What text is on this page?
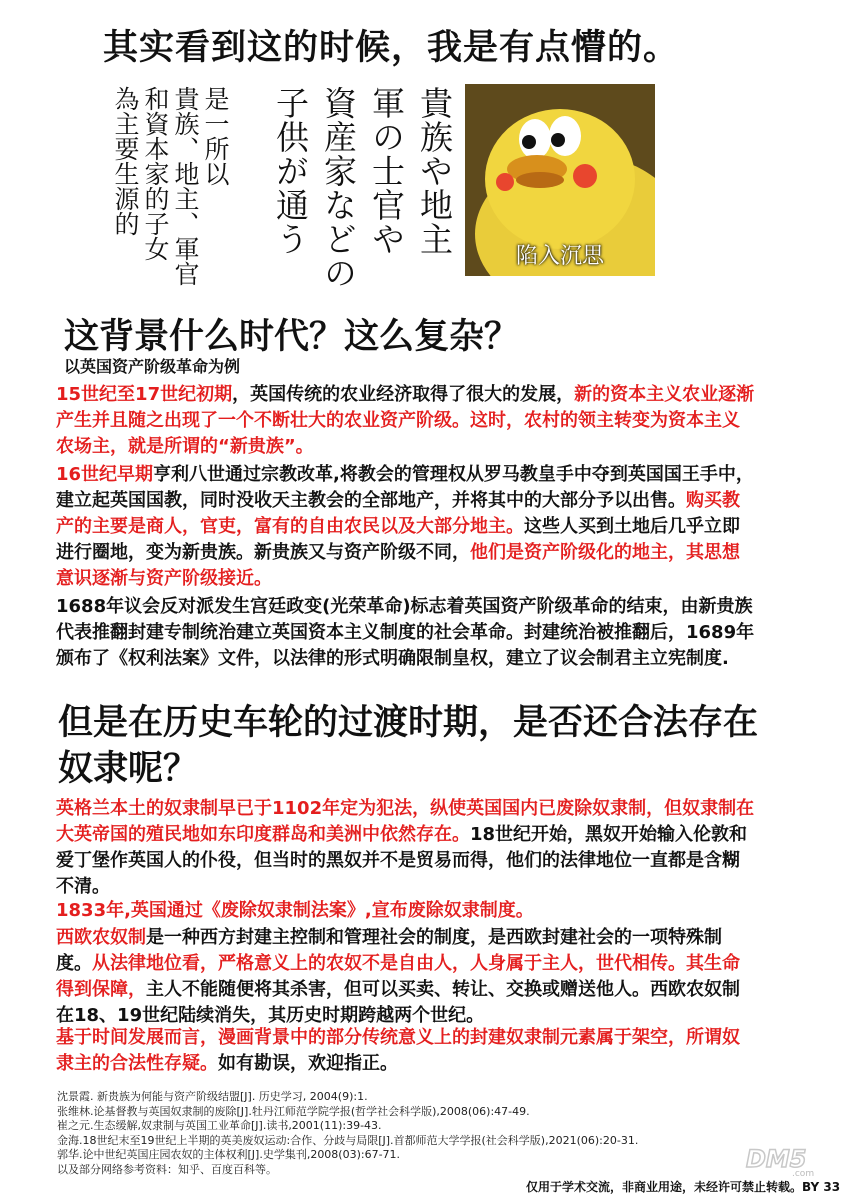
其实看到这的时候，我是有点懵的。
貴族や地主
軍の士官や
資産家などの
子供が通う
是一所以
貴族、地主、軍官
和資本家的子女
為主要生源的
陷入沉思
这背景什么时代？这么复杂？
以英国资产阶级革命为例

15世纪至17世纪初期，英国传统的农业经济取得了很大的发展，新的资本主义农业逐渐产生并且随之出现了一个不断壮大的农业资产阶级。这时，农村的领主转变为资本主义农场主，就是所谓的“新贵族”。

16世纪早期亨利八世通过宗教改革,将教会的管理权从罗马教皇手中夺到英国国王手中，建立起英国国教，同时没收天主教会的全部地产，并将其中的大部分予以出售。购买教产的主要是商人，官吏，富有的自由农民以及大部分地主。这些人买到土地后几乎立即进行圈地，变为新贵族。新贵族又与资产阶级不同，他们是资产阶级化的地主，其思想意识逐渐与资产阶级接近。

1688年议会反对派发生宫廷政变(光荣革命)标志着英国资产阶级革命的结束，由新贵族代表推翻封建专制统治建立英国资本主义制度的社会革命。封建统治被推翻后，1689年颁布了《权利法案》文件，以法律的形式明确限制皇权，建立了议会制君主立宪制度.

但是在历史车轮的过渡时期，是否还合法存在奴隶呢？

英格兰本土的奴隶制早已于1102年定为犯法，纵使英国国内已废除奴隶制，但奴隶制在大英帝国的殖民地如东印度群岛和美洲中依然存在。18世纪开始，黑奴开始输入伦敦和爱丁堡作英国人的仆役，但当时的黑奴并不是贸易而得，他们的法律地位一直都是含糊不清。

1833年,英国通过《废除奴隶制法案》,宣布废除奴隶制度。

西欧农奴制是一种西方封建主控制和管理社会的制度，是西欧封建社会的一项特殊制度。从法律地位看，严格意义上的农奴不是自由人，人身属于主人，世代相传。其生命得到保障，主人不能随便将其杀害，但可以买卖、转让、交换或赠送他人。西欧农奴制在18、19世纪陆续消失，其历史时期跨越两个世纪。

基于时间发展而言，漫画背景中的部分传统意义上的封建奴隶制元素属于架空，所谓奴隶主的合法性存疑。如有勘误，欢迎指正。

沈景霞. 新贵族为何能与资产阶级结盟[J]. 历史学习, 2004(9):1.
张维林.论基督教与英国奴隶制的废除[J].牡丹江师范学院学报(哲学社会科学版),2008(06):47-49.
崔之元.生态缓解,奴隶制与英国工业革命[J].读书,2001(11):39-43.
金海.18世纪末至19世纪上半期的英美废奴运动:合作、分歧与局限[J].首都师范大学学报(社会科学版),2021(06):20-31.
郭华.论中世纪英国庄园农奴的主体权利[J].史学集刊,2008(03):67-71.
以及部分网络参考资料：知乎、百度百科等。	DM5
.com
仅用于学术交流，非商业用途，未经许可禁止转载。BY 33
